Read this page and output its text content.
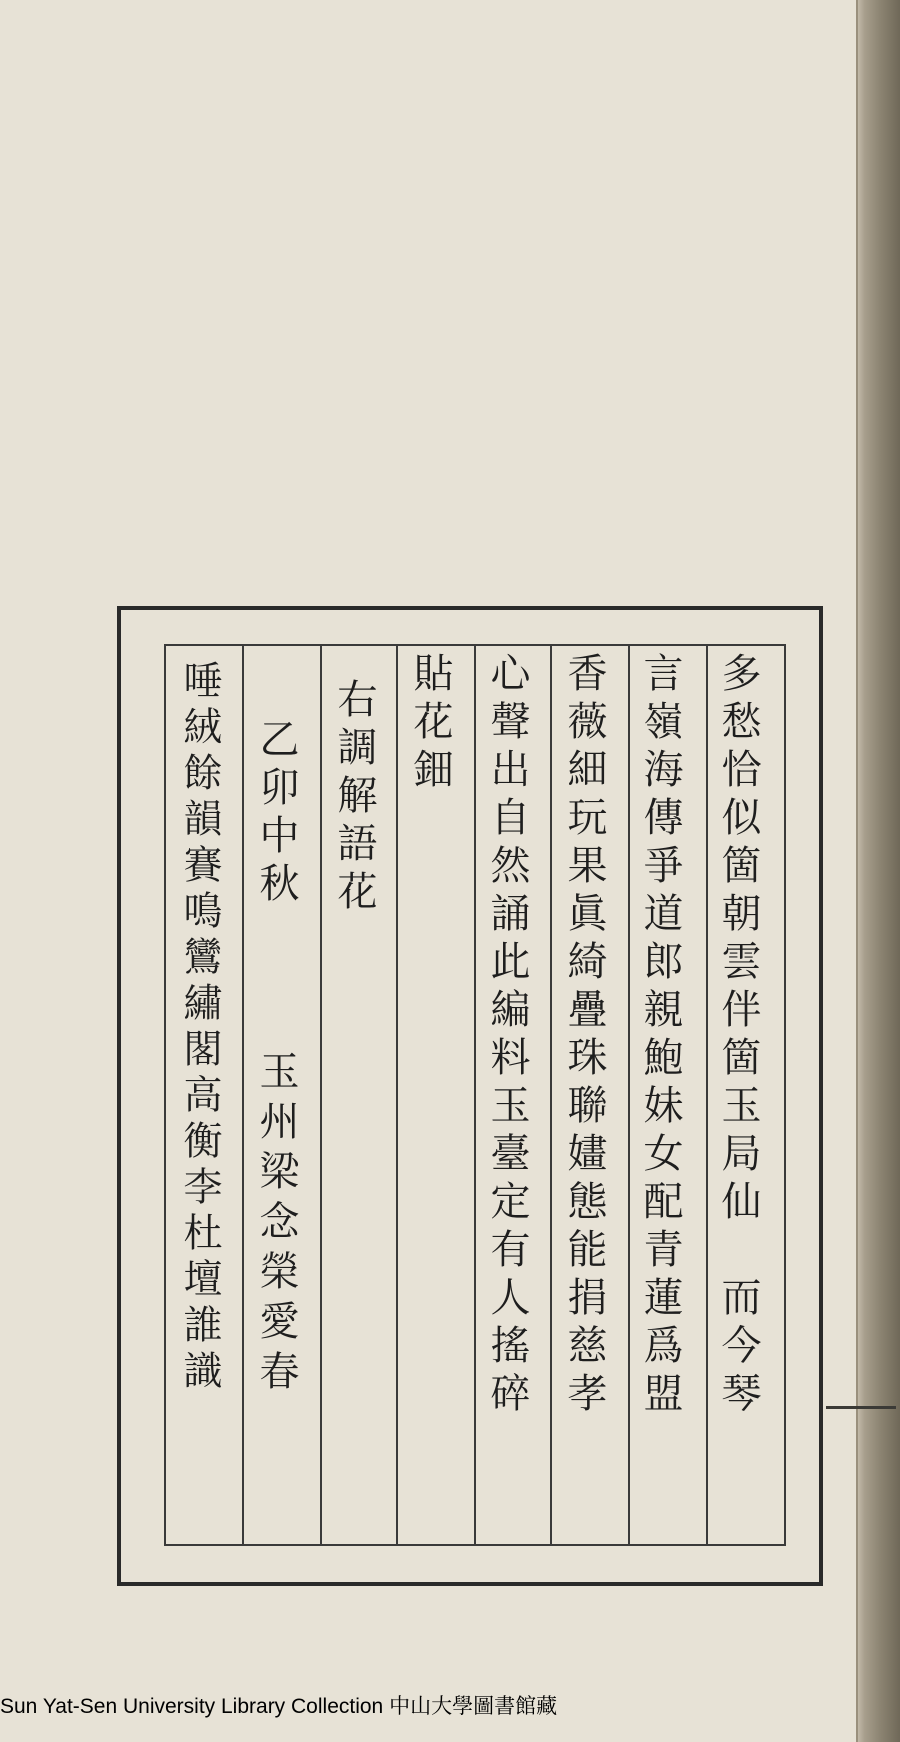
多愁恰似箇朝雲伴箇玉局仙　而今琴
言嶺海傳爭道郎親鮑妹女配青蓮爲盟
香薇細玩果眞綺疊珠聯嫿態能捐慈孝
心聲出自然誦此編料玉臺定有人搖碎
貼花鈿
右調解語花
乙卯中秋
玉州梁念榮愛春
唾絨餘韻賽鳴鸞繡閣高衡李杜壇誰識
Sun Yat-Sen University Library Collection 中山大學圖書館藏
